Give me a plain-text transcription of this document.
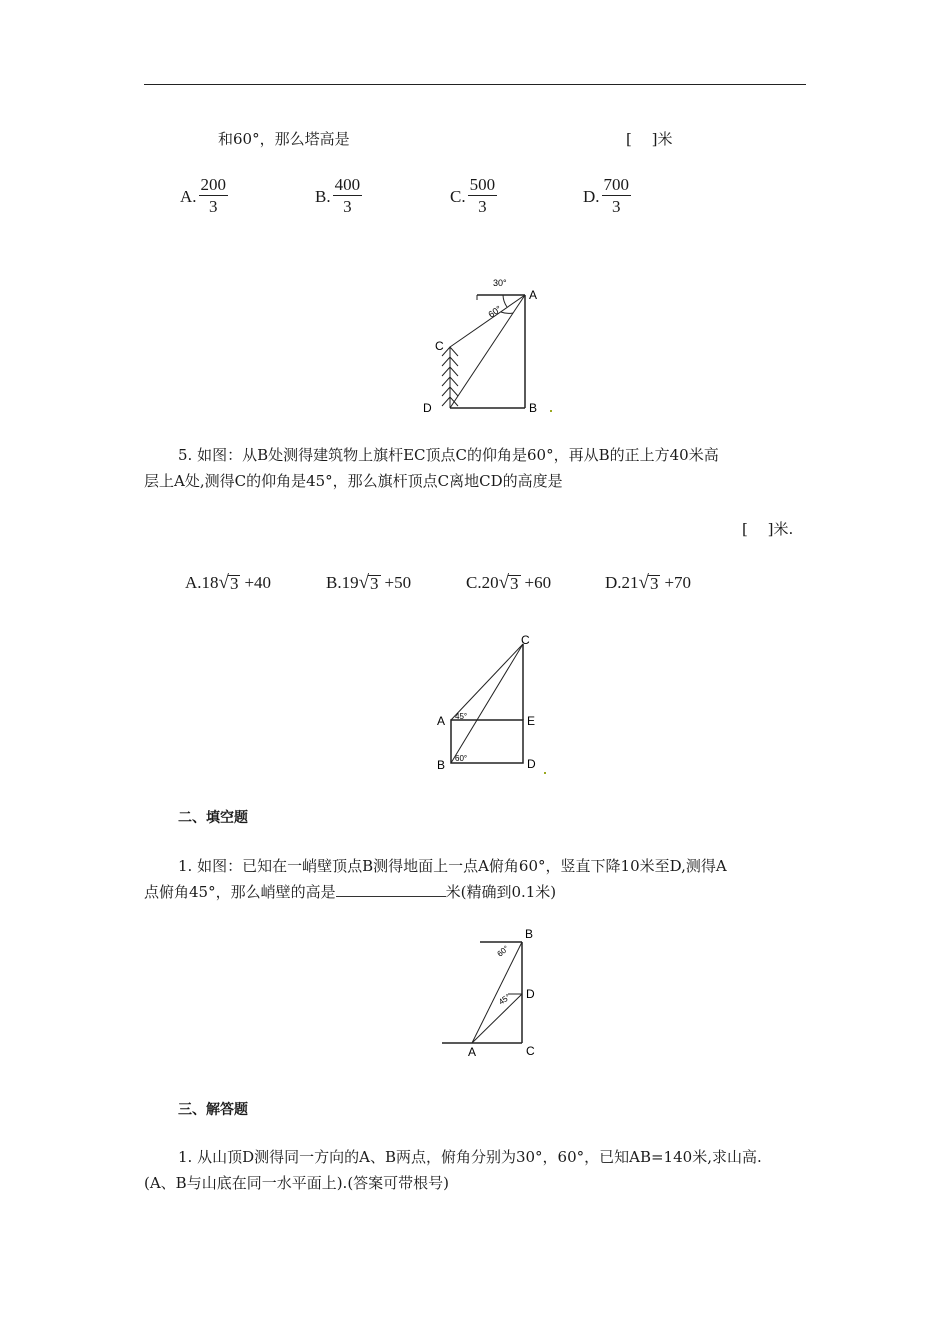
和60°，那么塔高是	[　 ]米
A. $\frac{200}{3}$	B. $\frac{400}{3}$	C. $\frac{500}{3}$	D. $\frac{700}{3}$
30°
60°
A
B
C
D
5. 如图：从B处测得建筑物上旗杆EC顶点C的仰角是60°，再从B的正上方40米高
层上A处,测得C的仰角是45°，那么旗杆顶点C离地CD的高度是
[　 ]米.
A. 18 √ 3 +40	B. 19 √ 3 +50	C. 20 √ 3 +60	D. 21 √ 3 +70
45°
60°
C
A	E
B	D
二、填空题
1. 如图：已知在一峭壁顶点B测得地面上一点A俯角60°，竖直下降10米至D,测得A
点俯角45°，那么峭壁的高是	米(精确到0.1米)
60°
45°
B
D
A	C
三、解答题
1. 从山顶D测得同一方向的A、B两点，俯角分别为30°，60°，已知AB=140米,求山高.
(A、B与山底在同一水平面上).(答案可带根号)
